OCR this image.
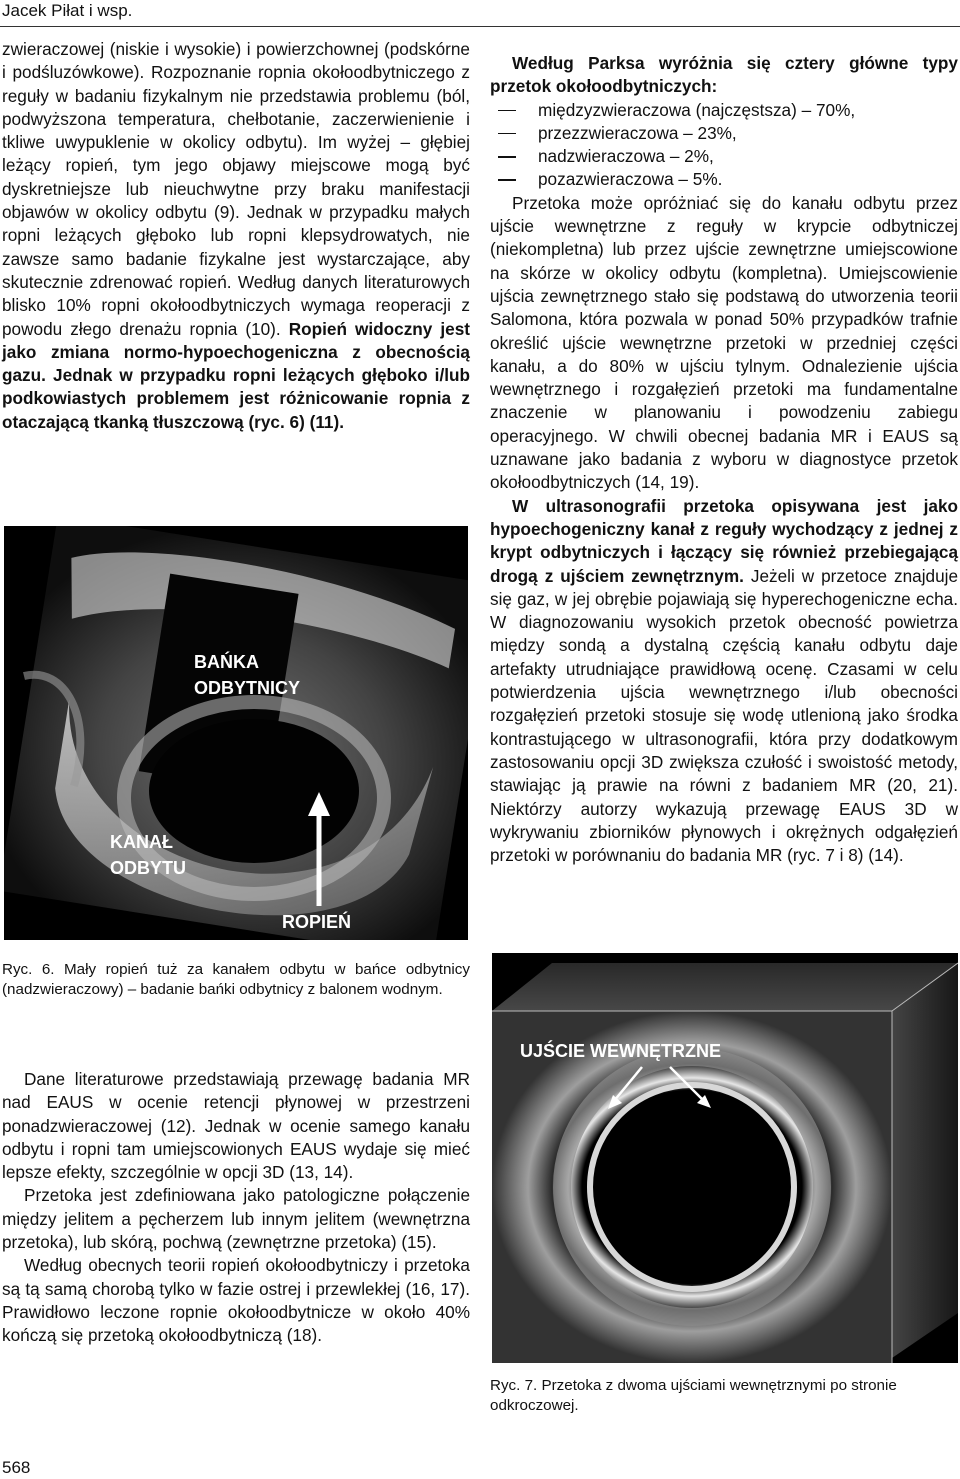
Jacek Piłat i wsp.

zwieraczowej (niskie i wysokie) i powierzchownej (podskórne i podśluzówkowe). Rozpoznanie ropnia okołoodbytniczego z reguły w badaniu fizykalnym nie przedstawia problemu (ból, podwyższona temperatura, chełbotanie, zaczerwienienie i tkliwe uwypuklenie w okolicy odbytu). Im wyżej – głębiej leżący ropień, tym jego objawy miejscowe mogą być dyskretniejsze lub nieuchwytne przy braku manifestacji objawów w okolicy odbytu (9). Jednak w przypadku małych ropni leżących głęboko lub ropni klepsydrowatych, nie zawsze samo badanie fizykalne jest wystarczające, aby skutecznie zdrenować ropień. Według danych literaturowych blisko 10% ropni okołoodbytniczych wymaga reoperacji z powodu złego drenażu ropnia (10). Ropień widoczny jest jako zmiana normo-hypoechogeniczna z obecnością gazu. Jednak w przypadku ropni leżących głęboko i/lub podkowiastych problemem jest różnicowanie ropnia z otaczającą tkanką tłuszczową (ryc. 6) (11).

BAŃKA ODBYTNICY
KANAŁ ODBYTU
ROPIEŃ
Ryc. 6. Mały ropień tuż za kanałem odbytu w bańce odbytnicy (nadzwieraczowy) – badanie bańki odbytnicy z balonem wodnym.

Dane literaturowe przedstawiają przewagę badania MR nad EAUS w ocenie retencji płynowej w przestrzeni ponadzwieraczowej (12). Jednak w ocenie samego kanału odbytu i ropni tam umiejscowionych EAUS wydaje się mieć lepsze efekty, szczególnie w opcji 3D (13, 14).

Przetoka jest zdefiniowana jako patologiczne połączenie między jelitem a pęcherzem lub innym jelitem (wewnętrzna przetoka), lub skórą, pochwą (zewnętrzne przetoka) (15).

Według obecnych teorii ropień okołoodbytniczy i przetoka są tą samą chorobą tylko w fazie ostrej i przewlekłej (16, 17). Prawidłowo leczone ropnie okołoodbytnicze w około 40% kończą się przetoką okołoodbytniczą (18).

Według Parksa wyróżnia się cztery główne typy przetok okołoodbytniczych:

międzyzwieraczowa (najczęstsza) – 70%,
przezzwieraczowa – 23%,
nadzwieraczowa – 2%,
pozazwieraczowa – 5%.

Przetoka może opróżniać się do kanału odbytu przez ujście wewnętrzne z reguły w krypcie odbytniczej (niekompletna) lub przez ujście zewnętrzne umiejscowione na skórze w okolicy odbytu (kompletna). Umiejscowienie ujścia zewnętrznego stało się podstawą do utworzenia teorii Salomona, która pozwala w ponad 50% przypadków trafnie określić ujście wewnętrzne przetoki w przedniej części kanału, a do 80% w ujściu tylnym. Odnalezienie ujścia wewnętrznego i rozgałęzień przetoki ma fundamentalne znaczenie w planowaniu i powodzeniu zabiegu operacyjnego. W chwili obecnej badania MR i EAUS są uznawane jako badania z wyboru w diagnostyce przetok okołoodbytniczych (14, 19).

W ultrasonografii przetoka opisywana jest jako hypoechogeniczny kanał z reguły wychodzący z jednej z krypt odbytniczych i łączący się również przebiegającą drogą z ujściem zewnętrznym. Jeżeli w przetoce znajduje się gaz, w jej obrębie pojawiają się hyperechogeniczne echa. W diagnozowaniu wysokich przetok obecność powietrza między sondą a dystalną częścią kanału odbytu daje artefakty utrudniające prawidłową ocenę. Czasami w celu potwierdzenia ujścia wewnętrznego i/lub obecności rozgałęzień przetoki stosuje się wodę utlenioną jako środka kontrastującego w ultrasonografii, która przy dodatkowym zastosowaniu opcji 3D zwiększa czułość i swoistość metody, stawiając ją prawie na równi z badaniem MR (20, 21). Niektórzy autorzy wykazują przewagę EAUS 3D w wykrywaniu zbiorników płynowych i okrężnych odgałęzień przetoki w porównaniu do badania MR (ryc. 7 i 8) (14).

UJŚCIE WEWNĘTRZNE
Ryc. 7. Przetoka z dwoma ujściami wewnętrznymi po stronie odkroczowej.
568
